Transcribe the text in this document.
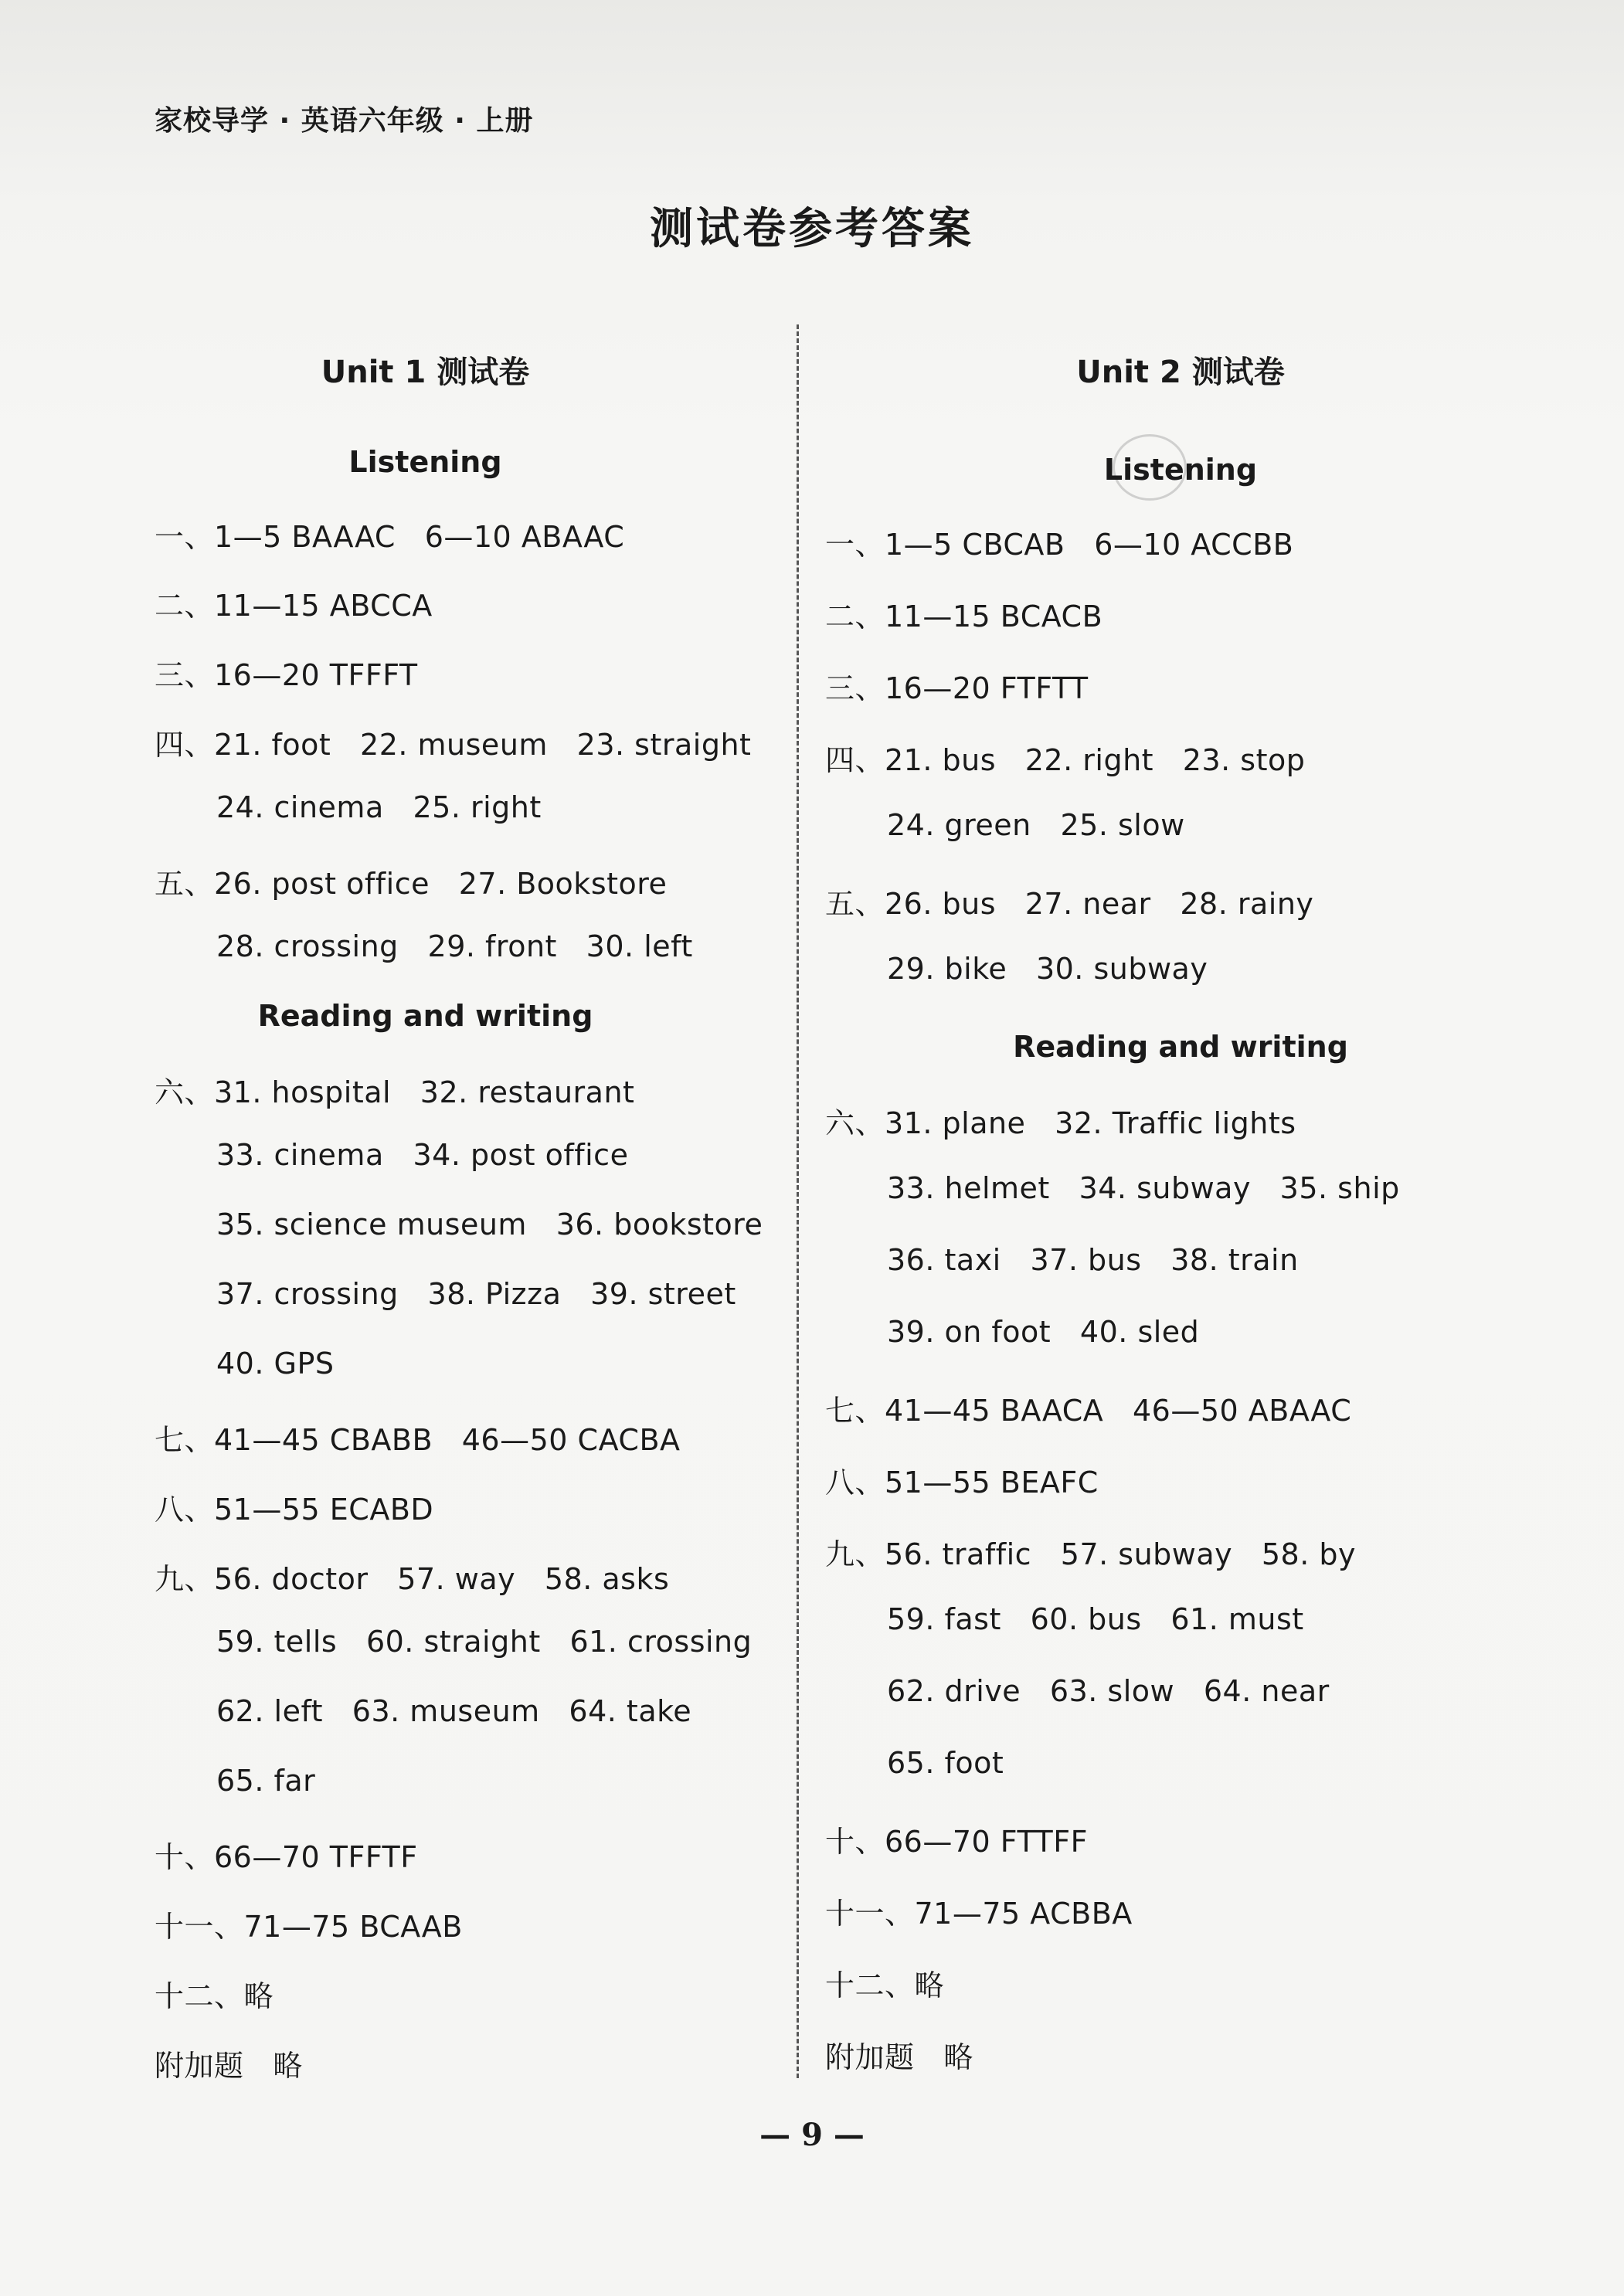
家校导学 · 英语六年级 · 上册
测试卷参考答案
Unit 1 测试卷
Listening
一、1—5 BAAAC   6—10 ABAAC
二、11—15 ABCCA
三、16—20 TFFFT
四、21. foot   22. museum   23. straight
24. cinema   25. right
五、26. post office   27. Bookstore
28. crossing   29. front   30. left
Reading and writing
六、31. hospital   32. restaurant
33. cinema   34. post office
35. science museum   36. bookstore
37. crossing   38. Pizza   39. street
40. GPS
七、41—45 CBABB   46—50 CACBA
八、51—55 ECABD
九、56. doctor   57. way   58. asks
59. tells   60. straight   61. crossing
62. left   63. museum   64. take
65. far
十、66—70 TFFTF
十一、71—75 BCAAB
十二、略
附加题   略
Unit 2 测试卷
Listening
一、1—5 CBCAB   6—10 ACCBB
二、11—15 BCACB
三、16—20 FTFTT
四、21. bus   22. right   23. stop
24. green   25. slow
五、26. bus   27. near   28. rainy
29. bike   30. subway
Reading and writing
六、31. plane   32. Traffic lights
33. helmet   34. subway   35. ship
36. taxi   37. bus   38. train
39. on foot   40. sled
七、41—45 BAACA   46—50 ABAAC
八、51—55 BEAFC
九、56. traffic   57. subway   58. by
59. fast   60. bus   61. must
62. drive   63. slow   64. near
65. foot
十、66—70 FTTFF
十一、71—75 ACBBA
十二、略
附加题   略
— 9 —
